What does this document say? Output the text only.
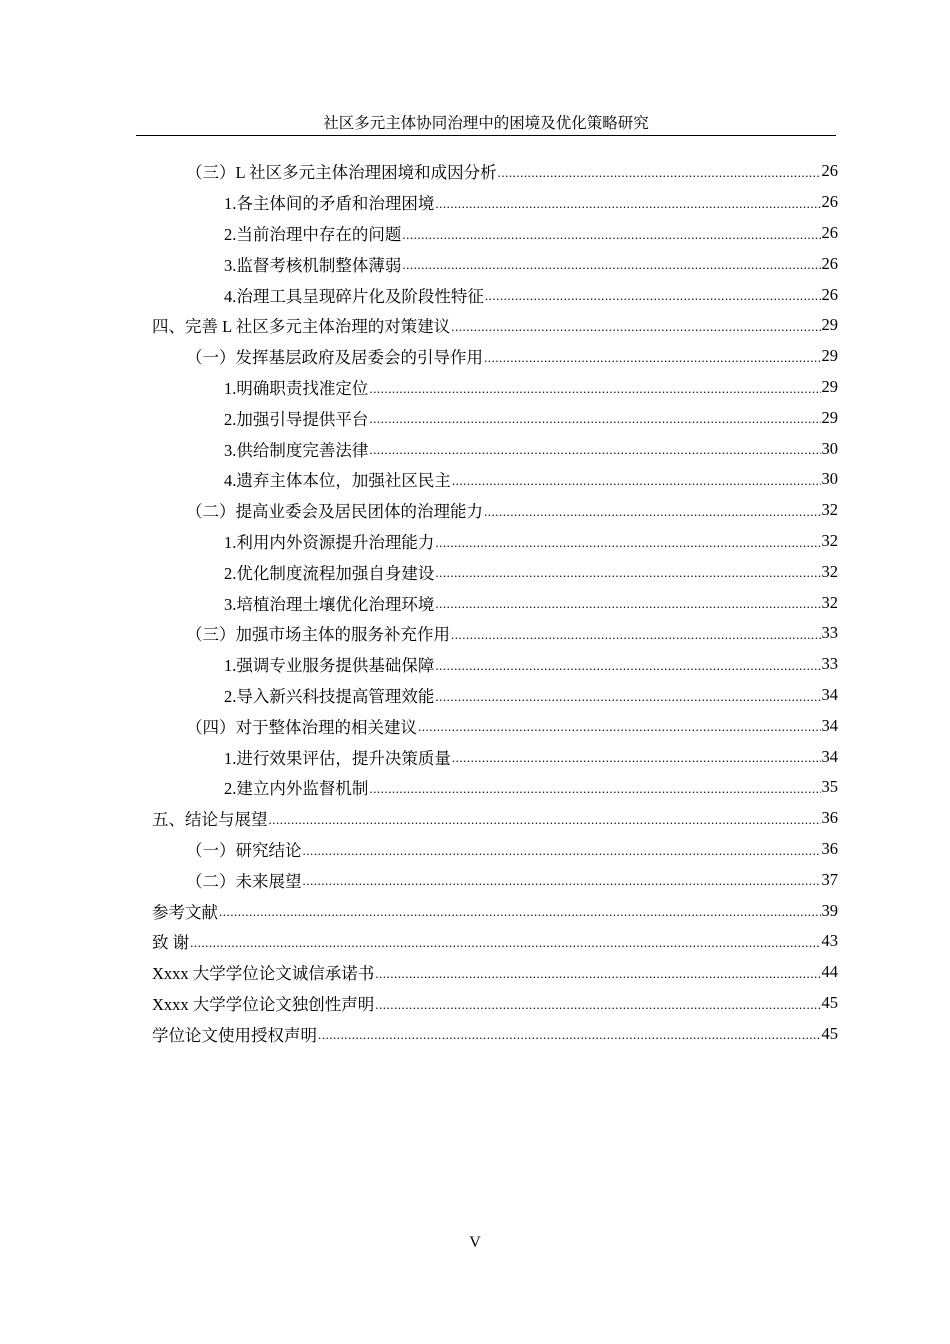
社区多元主体协同治理中的困境及优化策略研究
（三）L 社区多元主体治理困境和成因分析 .....	26
1.各主体间的矛盾和治理困境 .....	26
2.当前治理中存在的问题 .....	26
3.监督考核机制整体薄弱 .....	26
4.治理工具呈现碎片化及阶段性特征 .....	26
四、完善 L 社区多元主体治理的对策建议 .....	29
（一）发挥基层政府及居委会的引导作用 .....	29
1.明确职责找准定位 .....	29
2.加强引导提供平台 .....	29
3.供给制度完善法律 .....	30
4.遗弃主体本位，加强社区民主 .....	30
（二）提高业委会及居民团体的治理能力 .....	32
1.利用内外资源提升治理能力 .....	32
2.优化制度流程加强自身建设 .....	32
3.培植治理土壤优化治理环境 .....	32
（三）加强市场主体的服务补充作用 .....	33
1.强调专业服务提供基础保障 .....	33
2.导入新兴科技提高管理效能 .....	34
（四）对于整体治理的相关建议 .....	34
1.进行效果评估，提升决策质量 .....	34
2.建立内外监督机制 .....	35
五、结论与展望 .....	36
（一）研究结论 .....	36
（二）未来展望 .....	37
参考文献 .....	39
致 谢 .....	43
Xxxx 大学学位论文诚信承诺书 .....	44
Xxxx 大学学位论文独创性声明 .....	45
学位论文使用授权声明 .....	45
V
